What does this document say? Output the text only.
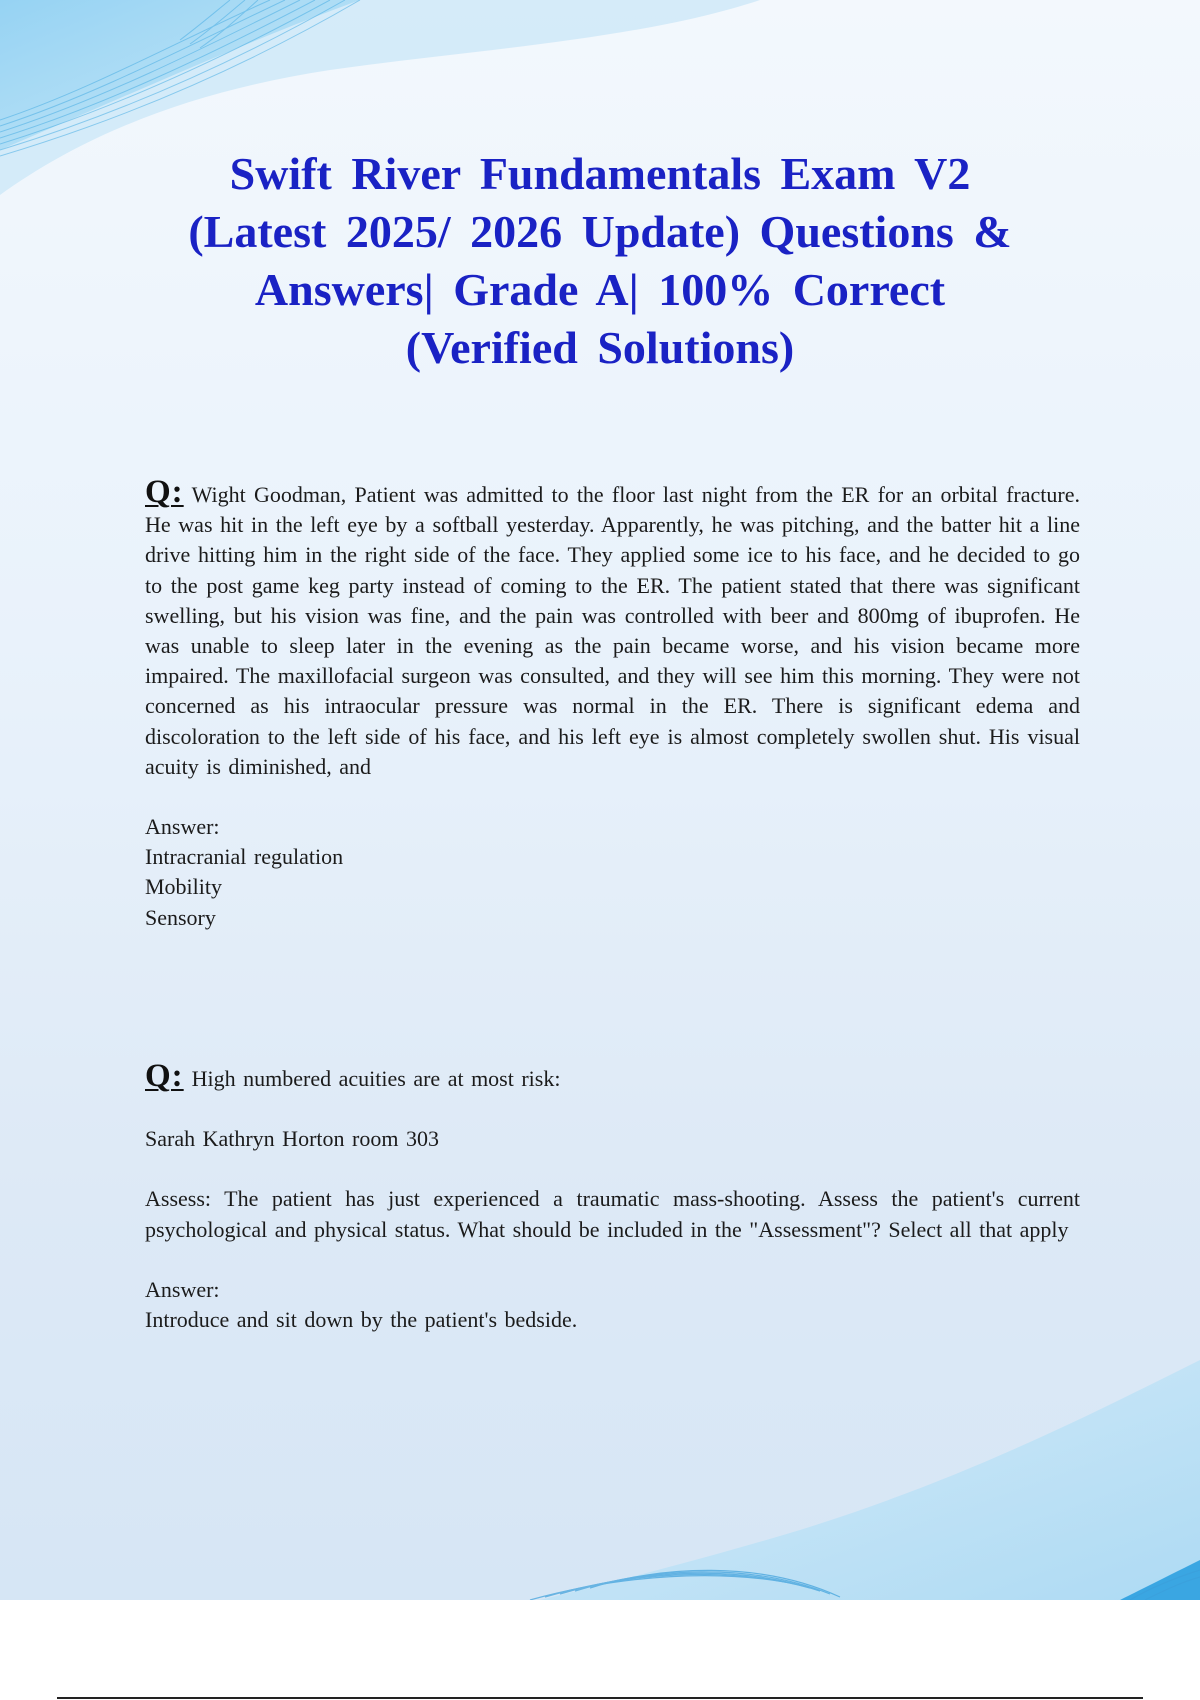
Swift River Fundamentals Exam V2
(Latest 2025/ 2026 Update) Questions &
Answers| Grade A| 100% Correct
(Verified Solutions)

Q: Wight Goodman, Patient was admitted to the floor last night from the ER for an orbital fracture. He was hit in the left eye by a softball yesterday. Apparently, he was pitching, and the batter hit a line drive hitting him in the right side of the face. They applied some ice to his face, and he decided to go to the post game keg party instead of coming to the ER. The patient stated that there was significant swelling, but his vision was fine, and the pain was controlled with beer and 800mg of ibuprofen. He was unable to sleep later in the evening as the pain became worse, and his vision became more impaired. The maxillofacial surgeon was consulted, and they will see him this morning. They were not concerned as his intraocular pressure was normal in the ER. There is significant edema and discoloration to the left side of his face, and his left eye is almost completely swollen shut. His visual acuity is diminished, and

Answer:

Intracranial regulation

Mobility

Sensory

Q: High numbered acuities are at most risk:

Sarah Kathryn Horton room 303

Assess: The patient has just experienced a traumatic mass-shooting. Assess the patient's current psychological and physical status. What should be included in the "Assessment"? Select all that apply

Answer:

Introduce and sit down by the patient's bedside.
